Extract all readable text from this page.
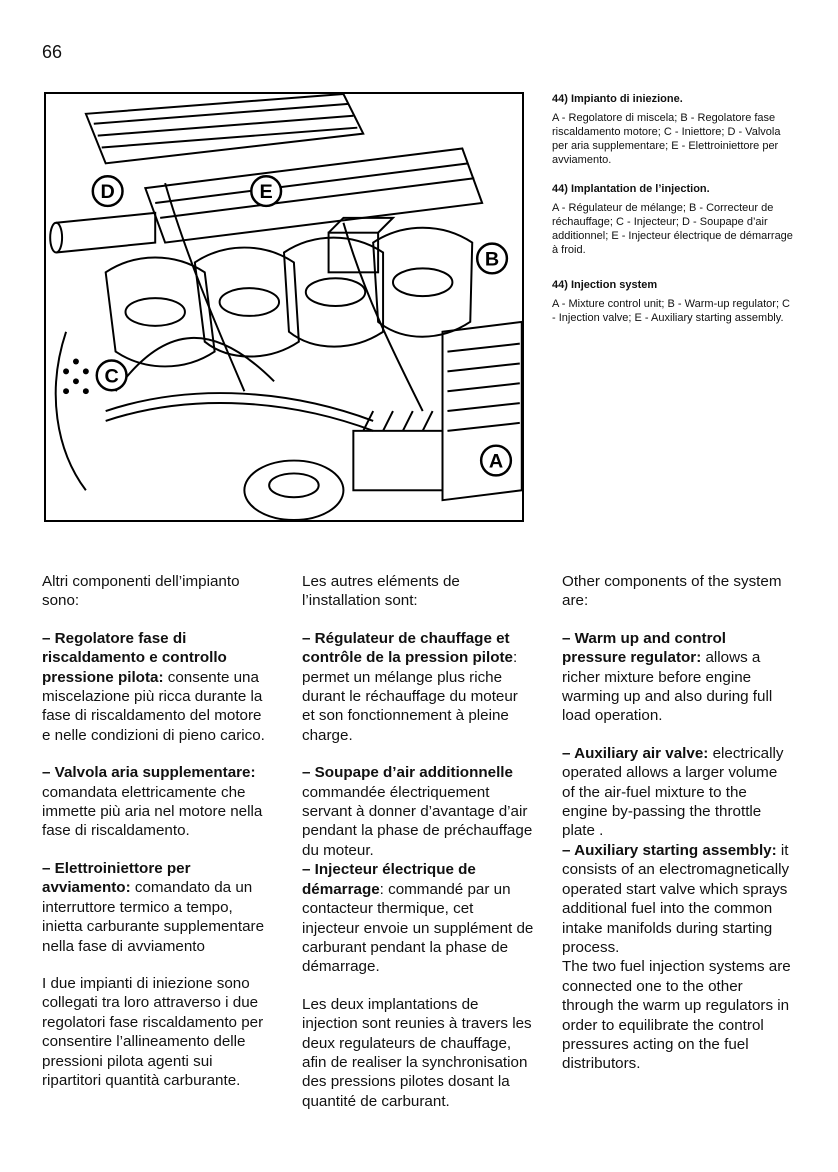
66
D	E
B
C
A
44) Impianto di iniezione.
A - Regolatore di miscela; B - Regolatore fase riscaldamento motore; C - Iniettore; D - Valvola per aria supplementare; E - Elettroiniettore per avviamento.
44) Implantation de l’injection.
A - Régulateur de mélange; B - Correcteur de réchauffage; C - Injecteur; D - Soupape d’air additionnel; E - Injecteur électrique de démarrage à froid.
44) Injection system
A - Mixture control unit; B - Warm-up regulator; C - Injection valve; E - Auxiliary starting assembly.

Altri componenti dell’impianto sono:

– Regolatore fase di riscaldamento e controllo pressione pilota: consente una miscelazione più ricca durante la fase di riscaldamento del motore e nelle condizioni di pieno carico.

– Valvola aria supplementare: comandata elettricamente che immette più aria nel motore nella fase di riscaldamento.

– Elettroiniettore per avviamento: comandato da un interruttore termico a tempo, inietta carburante supplementare nella fase di avviamento

I due impianti di iniezione sono collegati tra loro attraverso i due regolatori fase riscaldamento per consentire l’allineamento delle pressioni pilota agenti sui ripartitori quantità carburante.

Les autres eléments de l’installation sont:

– Régulateur de chauffage et contrôle de la pression pilote: permet un mélange plus riche durant le réchauffage du moteur et son fonctionnement à pleine charge.

– Soupape d’air additionnelle commandée électriquement servant à donner d’avantage d’air pendant la phase de préchauffage du moteur.

– Injecteur électrique de démarrage: commandé par un contacteur thermique, cet injecteur envoie un supplément de carburant pendant la phase de démarrage.

Les deux implantations de injection sont reunies à travers les deux regulateurs de chauffage, afin de realiser la synchronisation des pressions pilotes dosant la quantité de carburant.

Other components of the system are:

– Warm up and control pressure regulator: allows a richer mixture before engine warming up and also during full load operation.

– Auxiliary air valve: electrically operated allows a larger volume of the air-fuel mixture to the engine by-passing the throttle plate .

– Auxiliary starting assembly: it consists of an electromagnetically operated start valve which sprays additional fuel into the common intake manifolds during starting process.

The two fuel injection systems are connected one to the other through the warm up regulators in order to equilibrate the control pressures acting on the fuel distributors.
